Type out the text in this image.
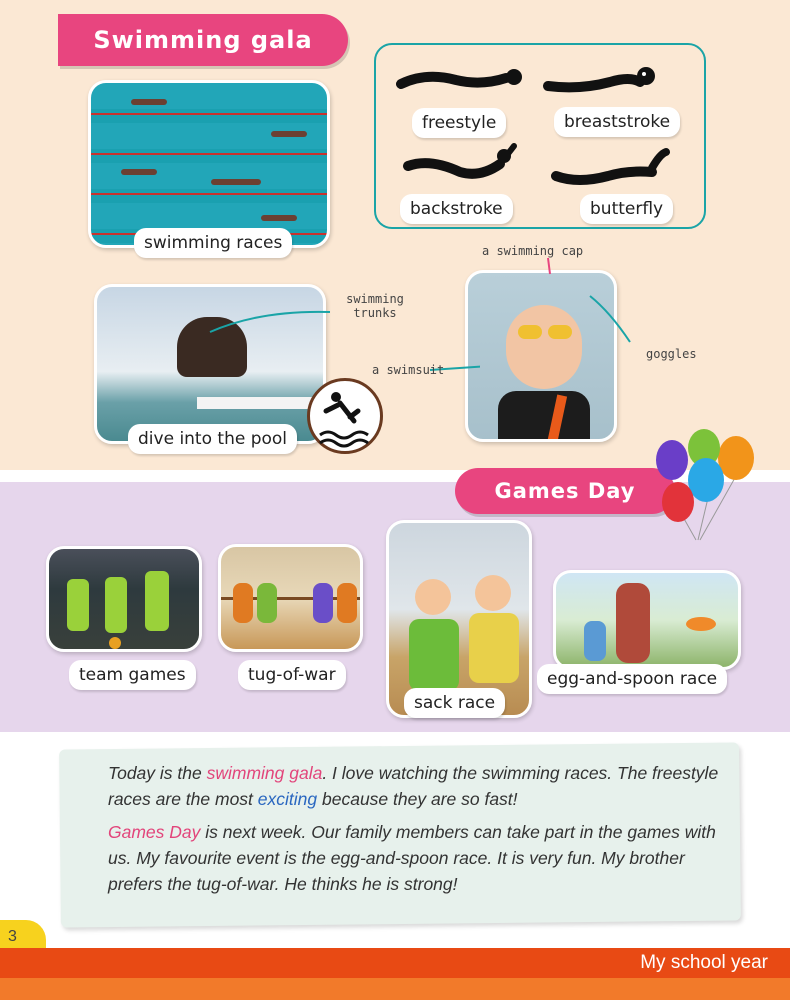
Swimming gala
swimming races
freestyle	breaststroke
backstroke	butterfly
dive into the pool
swimming
trunks
a swimming cap
goggles
a swimsuit
Games Day
team games	tug-of-war
sack race
egg-and-spoon race

Today is the swimming gala. I love watching the swimming races. The freestyle races are the most exciting because they are so fast!

Games Day is next week. Our family members can take part in the games with us. My favourite event is the egg-and-spoon race. It is very fun. My brother prefers the tug-of-war. He thinks he is strong!

3
My school year
